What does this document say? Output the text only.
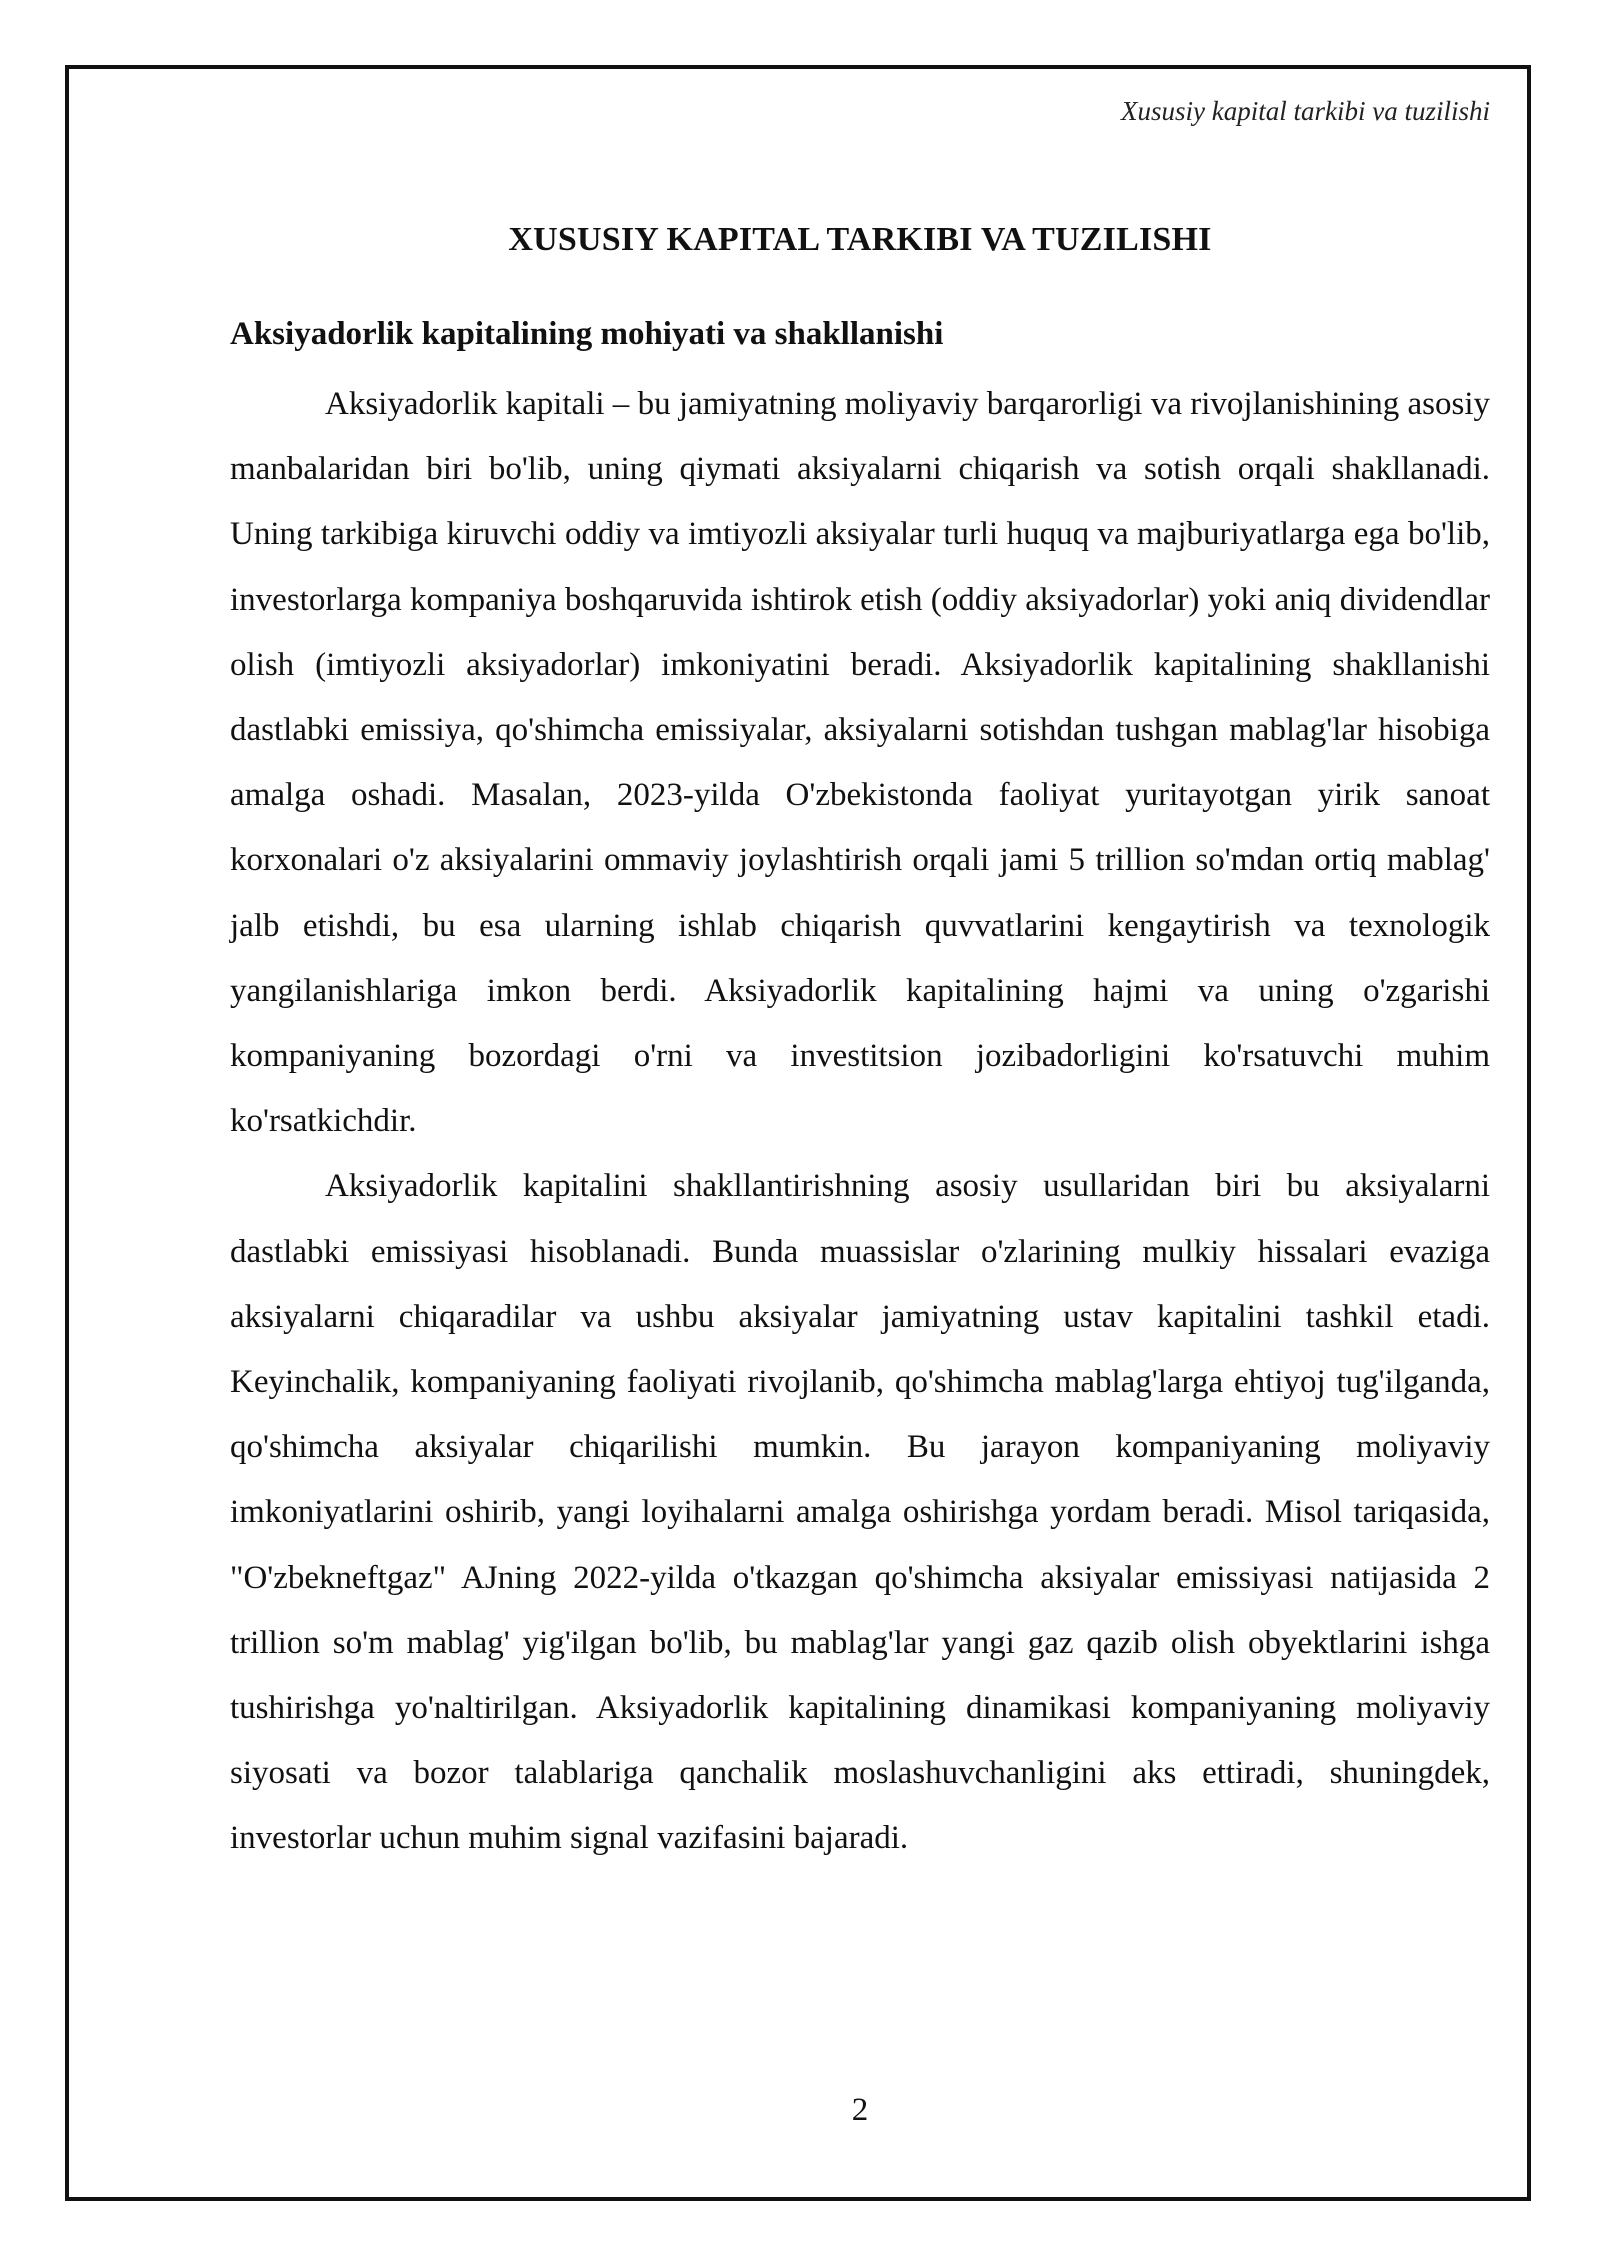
Xususiy kapital tarkibi va tuzilishi

XUSUSIY KAPITAL TARKIBI VA TUZILISHI
Aksiyadorlik kapitalining mohiyati va shakllanishi

Aksiyadorlik kapitali – bu jamiyatning moliyaviy barqarorligi va rivojlanishining asosiy manbalaridan biri bo'lib, uning qiymati aksiyalarni chiqarish va sotish orqali shakllanadi. Uning tarkibiga kiruvchi oddiy va imtiyozli aksiyalar turli huquq va majburiyatlarga ega bo'lib, investorlarga kompaniya boshqaruvida ishtirok etish (oddiy aksiyadorlar) yoki aniq dividendlar olish (imtiyozli aksiyadorlar) imkoniyatini beradi. Aksiyadorlik kapitalining shakllanishi dastlabki emissiya, qo'shimcha emissiyalar, aksiyalarni sotishdan tushgan mablag'lar hisobiga amalga oshadi. Masalan, 2023-yilda O'zbekistonda faoliyat yuritayotgan yirik sanoat korxonalari o'z aksiyalarini ommaviy joylashtirish orqali jami 5 trillion so'mdan ortiq mablag' jalb etishdi, bu esa ularning ishlab chiqarish quvvatlarini kengaytirish va texnologik yangilanishlariga imkon berdi. Aksiyadorlik kapitalining hajmi va uning o'zgarishi kompaniyaning bozordagi o'rni va investitsion jozibadorligini ko'rsatuvchi muhim ko'rsatkichdir.

Aksiyadorlik kapitalini shakllantirishning asosiy usullaridan biri bu aksiyalarni dastlabki emissiyasi hisoblanadi. Bunda muassislar o'zlarining mulkiy hissalari evaziga aksiyalarni chiqaradilar va ushbu aksiyalar jamiyatning ustav kapitalini tashkil etadi. Keyinchalik, kompaniyaning faoliyati rivojlanib, qo'shimcha mablag'larga ehtiyoj tug'ilganda, qo'shimcha aksiyalar chiqarilishi mumkin. Bu jarayon kompaniyaning moliyaviy imkoniyatlarini oshirib, yangi loyihalarni amalga oshirishga yordam beradi. Misol tariqasida, "O'zbekneftgaz" AJning 2022-yilda o'tkazgan qo'shimcha aksiyalar emissiyasi natijasida 2 trillion so'm mablag' yig'ilgan bo'lib, bu mablag'lar yangi gaz qazib olish obyektlarini ishga tushirishga yo'naltirilgan. Aksiyadorlik kapitalining dinamikasi kompaniyaning moliyaviy siyosati va bozor talablariga qanchalik moslashuvchanligini aks ettiradi, shuningdek, investorlar uchun muhim signal vazifasini bajaradi.

2
